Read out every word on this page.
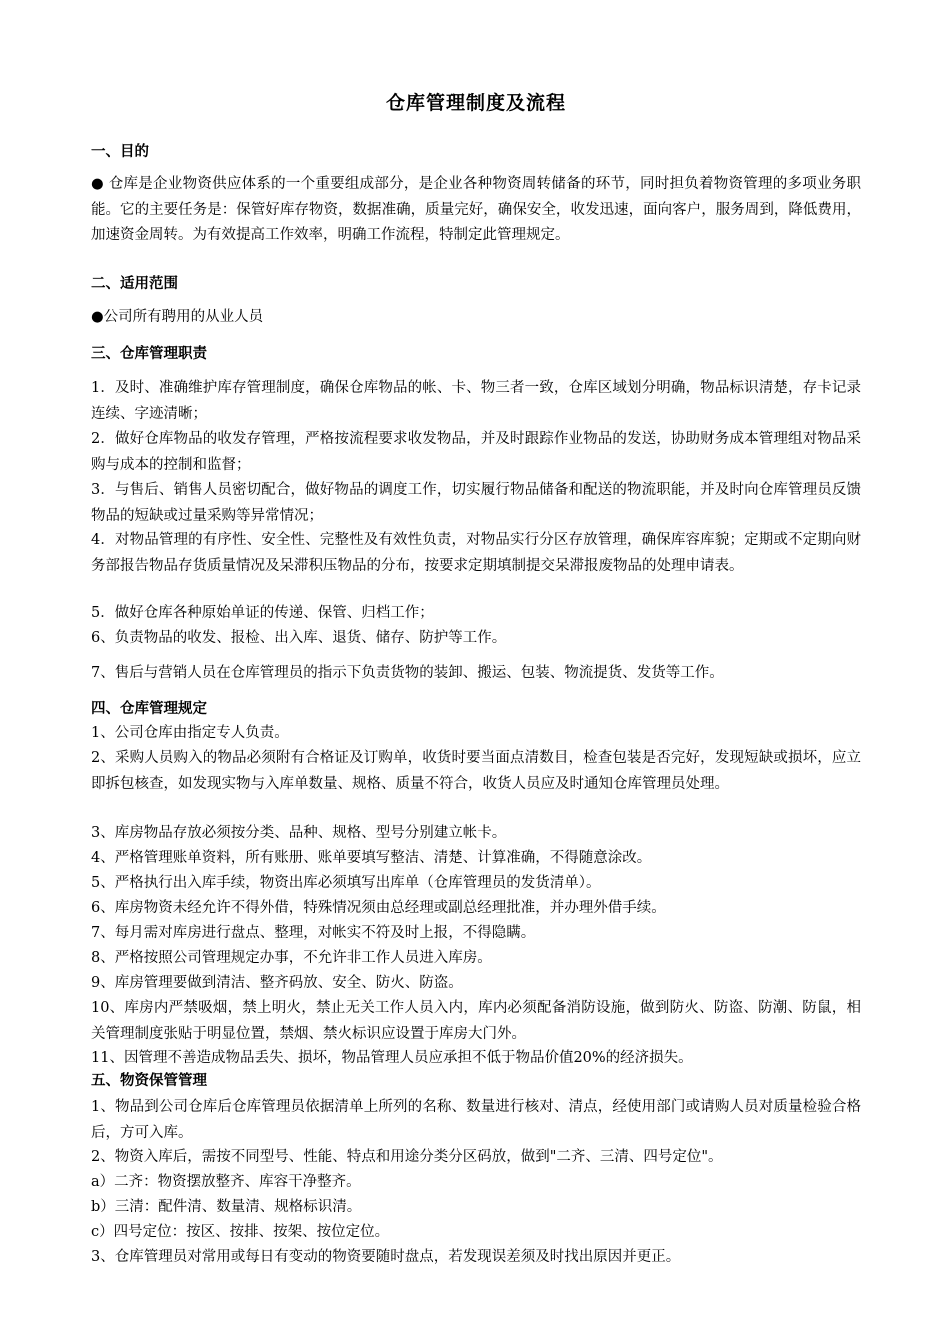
仓库管理制度及流程
一、目的
● 仓库是企业物资供应体系的一个重要组成部分，是企业各种物资周转储备的环节，同时担负着物资管理的多项业务职能。它的主要任务是：保管好库存物资，数据准确，质量完好，确保安全，收发迅速，面向客户，服务周到，降低费用，加速资金周转。为有效提高工作效率，明确工作流程，特制定此管理规定。
二、适用范围
●公司所有聘用的从业人员
三、仓库管理职责
1．及时、准确维护库存管理制度，确保仓库物品的帐、卡、物三者一致，仓库区域划分明确，物品标识清楚，存卡记录连续、字迹清晰；
2．做好仓库物品的收发存管理，严格按流程要求收发物品，并及时跟踪作业物品的发送，协助财务成本管理组对物品采购与成本的控制和监督；
3．与售后、销售人员密切配合，做好物品的调度工作，切实履行物品储备和配送的物流职能，并及时向仓库管理员反馈物品的短缺或过量采购等异常情况；
4．对物品管理的有序性、安全性、完整性及有效性负责，对物品实行分区存放管理，确保库容库貌；定期或不定期向财务部报告物品存货质量情况及呆滞积压物品的分布，按要求定期填制提交呆滞报废物品的处理申请表。
5．做好仓库各种原始单证的传递、保管、归档工作；
6、负责物品的收发、报检、出入库、退货、储存、防护等工作。
7、售后与营销人员在仓库管理员的指示下负责货物的装卸、搬运、包装、物流提货、发货等工作。
四、仓库管理规定
1、公司仓库由指定专人负责。
2、采购人员购入的物品必须附有合格证及订购单，收货时要当面点清数目，检查包装是否完好，发现短缺或损坏，应立即拆包核查，如发现实物与入库单数量、规格、质量不符合，收货人员应及时通知仓库管理员处理。
3、库房物品存放必须按分类、品种、规格、型号分别建立帐卡。
4、严格管理账单资料，所有账册、账单要填写整洁、清楚、计算准确，不得随意涂改。
5、严格执行出入库手续，物资出库必须填写出库单（仓库管理员的发货清单）。
6、库房物资未经允许不得外借，特殊情况须由总经理或副总经理批准，并办理外借手续。
7、每月需对库房进行盘点、整理，对帐实不符及时上报，不得隐瞒。
8、严格按照公司管理规定办事，不允许非工作人员进入库房。
9、库房管理要做到清洁、整齐码放、安全、防火、防盗。
10、库房内严禁吸烟，禁上明火，禁止无关工作人员入内，库内必须配备消防设施，做到防火、防盗、防潮、防鼠，相关管理制度张贴于明显位置，禁烟、禁火标识应设置于库房大门外。
11、因管理不善造成物品丢失、损坏，物品管理人员应承担不低于物品价值20%的经济损失。
五、物资保管管理
1、物品到公司仓库后仓库管理员依据清单上所列的名称、数量进行核对、清点，经使用部门或请购人员对质量检验合格后，方可入库。
2、物资入库后，需按不同型号、性能、特点和用途分类分区码放，做到"二齐、三清、四号定位"。
a）二齐：物资摆放整齐、库容干净整齐。
b）三清：配件清、数量清、规格标识清。
c）四号定位：按区、按排、按架、按位定位。
3、仓库管理员对常用或每日有变动的物资要随时盘点，若发现误差须及时找出原因并更正。
